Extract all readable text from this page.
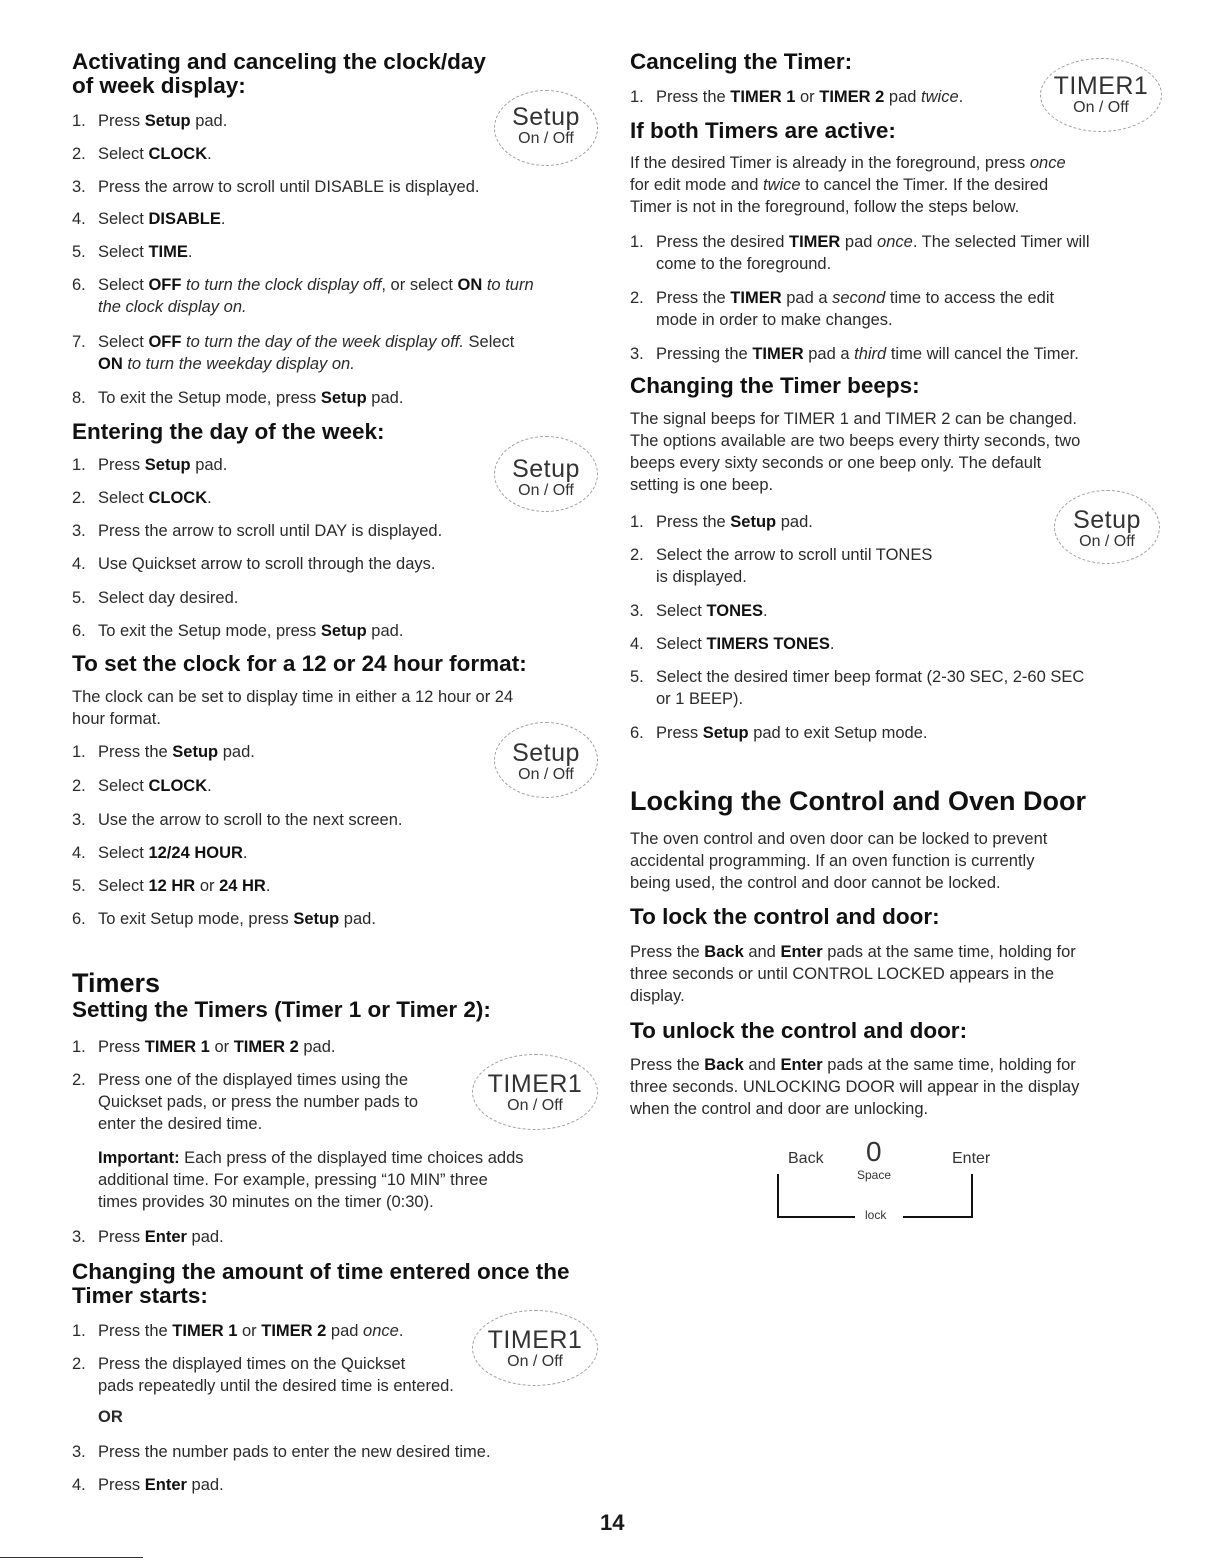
Activating and canceling the clock/day
of week display:
1. Press Setup pad.
2. Select CLOCK.
3. Press the arrow to scroll until DISABLE is displayed.
4. Select DISABLE.
5. Select TIME.
6. Select OFF to turn the clock display off, or select ON to turn
the clock display on.
7. Select OFF to turn the day of the week display off. Select
ON to turn the weekday display on.
8. To exit the Setup mode, press Setup pad.
Setup
On / Off
Entering the day of the week:
1. Press Setup pad.
2. Select CLOCK.
3. Press the arrow to scroll until DAY is displayed.
4. Use Quickset arrow to scroll through the days.
5. Select day desired.
6. To exit the Setup mode, press Setup pad.
Setup
On / Off
To set the clock for a 12 or 24 hour format:
The clock can be set to display time in either a 12 hour or 24
hour format.
1. Press the Setup pad.
2. Select CLOCK.
3. Use the arrow to scroll to the next screen.
4. Select 12/24 HOUR.
5. Select 12 HR or 24 HR.
6. To exit Setup mode, press Setup pad.
Setup
On / Off
Timers
Setting the Timers (Timer 1 or Timer 2):
1. Press TIMER 1 or TIMER 2 pad.
2. Press one of the displayed times using the
Quickset pads, or press the number pads to
enter the desired time.
Important: Each press of the displayed time choices adds
additional time. For example, pressing “10 MIN” three
times provides 30 minutes on the timer (0:30).
3. Press Enter pad.
TIMER1
On / Off
Changing the amount of time entered once the
Timer starts:
1. Press the TIMER 1 or TIMER 2 pad once.
2. Press the displayed times on the Quickset
pads repeatedly until the desired time is entered.
OR
3. Press the number pads to enter the new desired time.
4. Press Enter pad.
TIMER1
On / Off
Canceling the Timer:
1. Press the TIMER 1 or TIMER 2 pad twice.	TIMER1
On / Off
If both Timers are active:
If the desired Timer is already in the foreground, press once
for edit mode and twice to cancel the Timer. If the desired
Timer is not in the foreground, follow the steps below.
1. Press the desired TIMER pad once. The selected Timer will
come to the foreground.
2. Press the TIMER pad a second time to access the edit
mode in order to make changes.
3. Pressing the TIMER pad a third time will cancel the Timer.
Changing the Timer beeps:
The signal beeps for TIMER 1 and TIMER 2 can be changed.
The options available are two beeps every thirty seconds, two
beeps every sixty seconds or one beep only. The default
setting is one beep.
1. Press the Setup pad.
2. Select the arrow to scroll until TONES
is displayed.
3. Select TONES.
4. Select TIMERS TONES.
5. Select the desired timer beep format (2-30 SEC, 2-60 SEC
or 1 BEEP).
6. Press Setup pad to exit Setup mode.
Setup
On / Off
Locking the Control and Oven Door
The oven control and oven door can be locked to prevent
accidental programming. If an oven function is currently
being used, the control and door cannot be locked.
To lock the control and door:
Press the Back and Enter pads at the same time, holding for
three seconds or until CONTROL LOCKED appears in the
display.
To unlock the control and door:
Press the Back and Enter pads at the same time, holding for
three seconds. UNLOCKING DOOR will appear in the display
when the control and door are unlocking.
Back 0
Space
Enter
lock
14
